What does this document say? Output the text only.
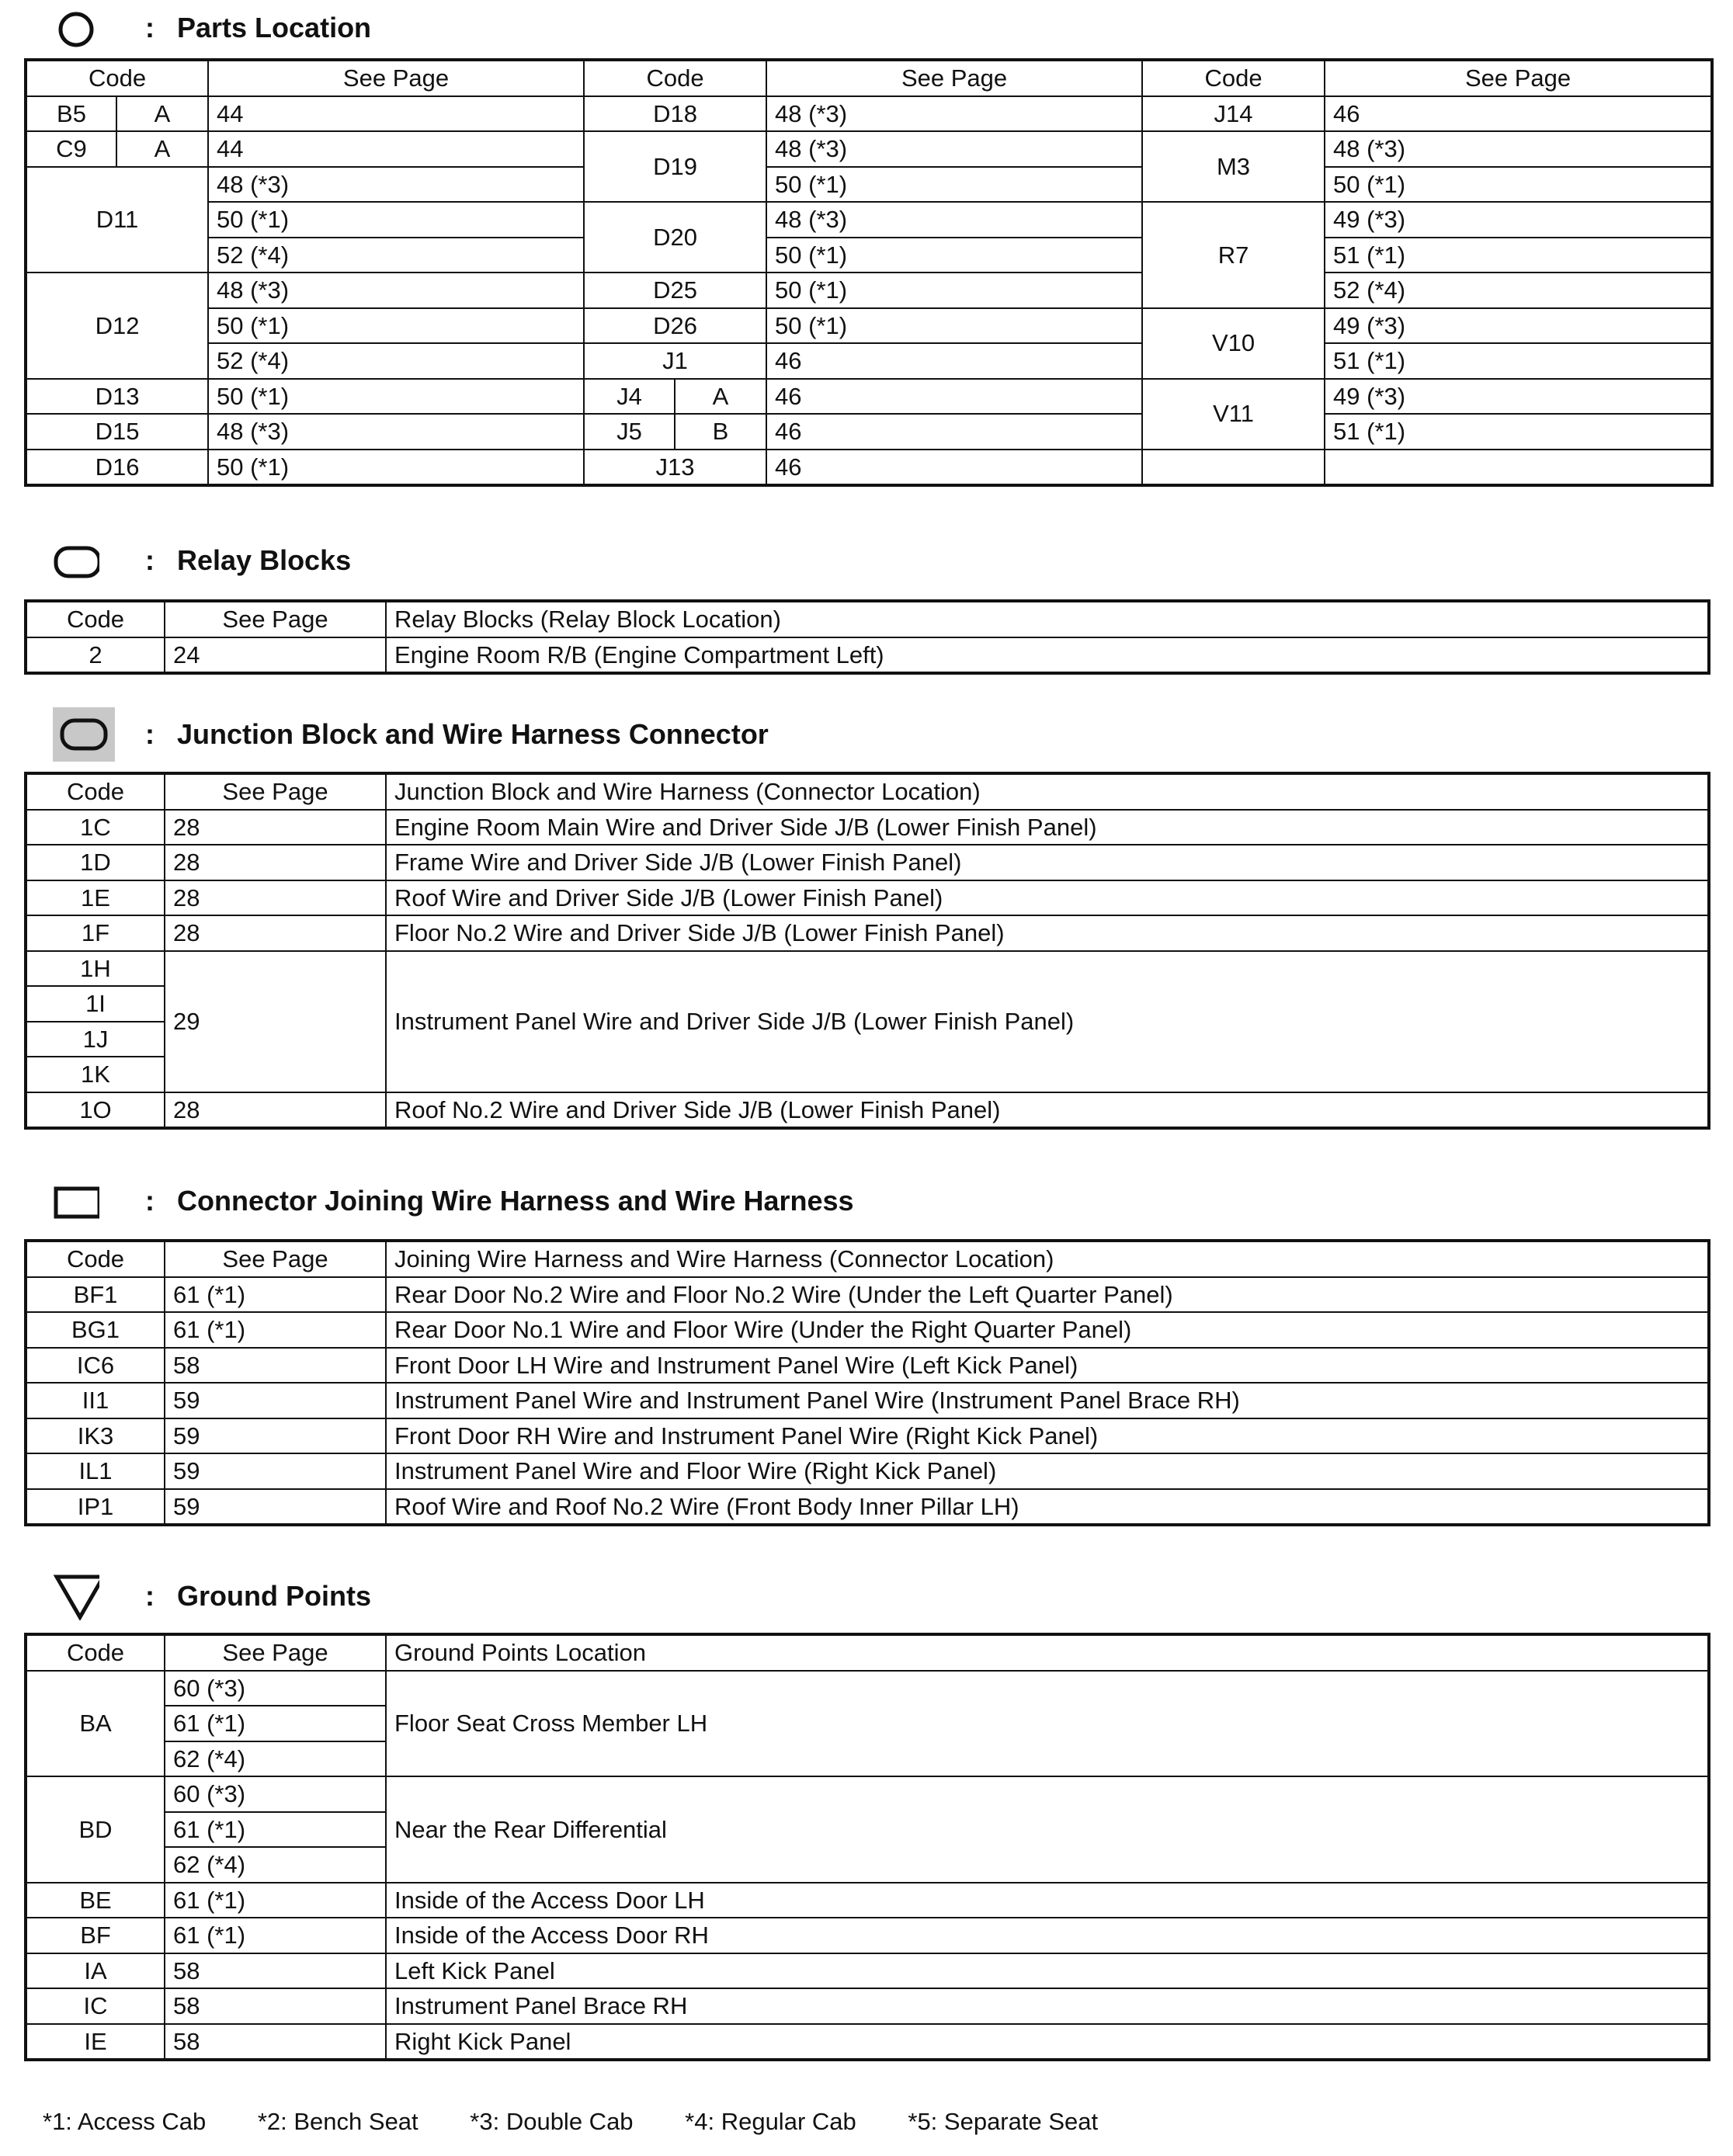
: Parts Location
Code		See Page	Code		See Page	Code	See Page
B5	A	44	D18		48 (*3)	J14	46
C9	A	44	D19		48 (*3)	M3	48 (*3)
D11		48 (*3)			50 (*1)		50 (*1)
		50 (*1)	D20		48 (*3)	R7	49 (*3)
		52 (*4)			50 (*1)		51 (*1)
D12		48 (*3)	D25		50 (*1)		52 (*4)
		50 (*1)	D26		50 (*1)	V10	49 (*3)
		52 (*4)	J1		46		51 (*1)
D13		50 (*1)	J4	A	46	V11	49 (*3)
D15		48 (*3)	J5	B	46		51 (*1)
D16		50 (*1)	J13		46		
: Relay Blocks
Code	See Page	Relay Blocks (Relay Block Location)
2	24	Engine Room R/B (Engine Compartment Left)
: Junction Block and Wire Harness Connector
Code	See Page	Junction Block and Wire Harness (Connector Location)
1C	28	Engine Room Main Wire and Driver Side J/B (Lower Finish Panel)
1D	28	Frame Wire and Driver Side J/B (Lower Finish Panel)
1E	28	Roof Wire and Driver Side J/B (Lower Finish Panel)
1F	28	Floor No.2 Wire and Driver Side J/B (Lower Finish Panel)
1H	29	Instrument Panel Wire and Driver Side J/B (Lower Finish Panel)
1I		
1J		
1K		
1O	28	Roof No.2 Wire and Driver Side J/B (Lower Finish Panel)
: Connector Joining Wire Harness and Wire Harness
Code	See Page	Joining Wire Harness and Wire Harness (Connector Location)
BF1	61 (*1)	Rear Door No.2 Wire and Floor No.2 Wire (Under the Left Quarter Panel)
BG1	61 (*1)	Rear Door No.1 Wire and Floor Wire (Under the Right Quarter Panel)
IC6	58	Front Door LH Wire and Instrument Panel Wire (Left Kick Panel)
II1	59	Instrument Panel Wire and Instrument Panel Wire (Instrument Panel Brace RH)
IK3	59	Front Door RH Wire and Instrument Panel Wire (Right Kick Panel)
IL1	59	Instrument Panel Wire and Floor Wire (Right Kick Panel)
IP1	59	Roof Wire and Roof No.2 Wire (Front Body Inner Pillar LH)
: Ground Points
Code	See Page	Ground Points Location
BA	60 (*3)	Floor Seat Cross Member LH
	61 (*1)	
	62 (*4)	
BD	60 (*3)	Near the Rear Differential
	61 (*1)	
	62 (*4)	
BE	61 (*1)	Inside of the Access Door LH
BF	61 (*1)	Inside of the Access Door RH
IA	58	Left Kick Panel
IC	58	Instrument Panel Brace RH
IE	58	Right Kick Panel
*1: Access Cab *2: Bench Seat *3: Double Cab *4: Regular Cab *5: Separate Seat
